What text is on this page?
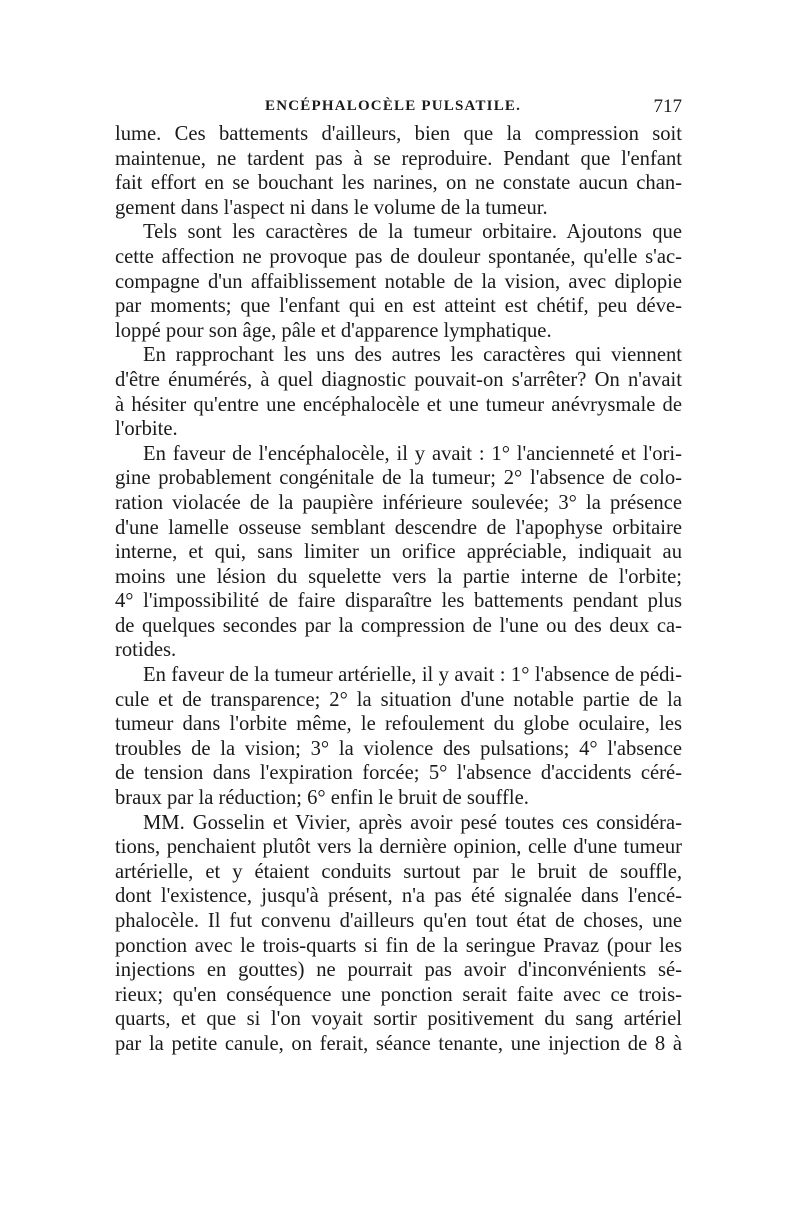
ENCÉPHALOCÈLE PULSATILE.	717
lume. Ces battements d'ailleurs, bien que la compression soit
maintenue, ne tardent pas à se reproduire. Pendant que l'enfant
fait effort en se bouchant les narines, on ne constate aucun chan-
gement dans l'aspect ni dans le volume de la tumeur.
Tels sont les caractères de la tumeur orbitaire. Ajoutons que
cette affection ne provoque pas de douleur spontanée, qu'elle s'ac-
compagne d'un affaiblissement notable de la vision, avec diplopie
par moments; que l'enfant qui en est atteint est chétif, peu déve-
loppé pour son âge, pâle et d'apparence lymphatique.
En rapprochant les uns des autres les caractères qui viennent
d'être énumérés, à quel diagnostic pouvait-on s'arrêter? On n'avait
à hésiter qu'entre une encéphalocèle et une tumeur anévrysmale de
l'orbite.
En faveur de l'encéphalocèle, il y avait : 1° l'ancienneté et l'ori-
gine probablement congénitale de la tumeur; 2° l'absence de colo-
ration violacée de la paupière inférieure soulevée; 3° la présence
d'une lamelle osseuse semblant descendre de l'apophyse orbitaire
interne, et qui, sans limiter un orifice appréciable, indiquait au
moins une lésion du squelette vers la partie interne de l'orbite;
4° l'impossibilité de faire disparaître les battements pendant plus
de quelques secondes par la compression de l'une ou des deux ca-
rotides.
En faveur de la tumeur artérielle, il y avait : 1° l'absence de pédi-
cule et de transparence; 2° la situation d'une notable partie de la
tumeur dans l'orbite même, le refoulement du globe oculaire, les
troubles de la vision; 3° la violence des pulsations; 4° l'absence
de tension dans l'expiration forcée; 5° l'absence d'accidents céré-
braux par la réduction; 6° enfin le bruit de souffle.
MM. Gosselin et Vivier, après avoir pesé toutes ces considéra-
tions, penchaient plutôt vers la dernière opinion, celle d'une tumeur
artérielle, et y étaient conduits surtout par le bruit de souffle,
dont l'existence, jusqu'à présent, n'a pas été signalée dans l'encé-
phalocèle. Il fut convenu d'ailleurs qu'en tout état de choses, une
ponction avec le trois-quarts si fin de la seringue Pravaz (pour les
injections en gouttes) ne pourrait pas avoir d'inconvénients sé-
rieux; qu'en conséquence une ponction serait faite avec ce trois-
quarts, et que si l'on voyait sortir positivement du sang artériel
par la petite canule, on ferait, séance tenante, une injection de 8 à
